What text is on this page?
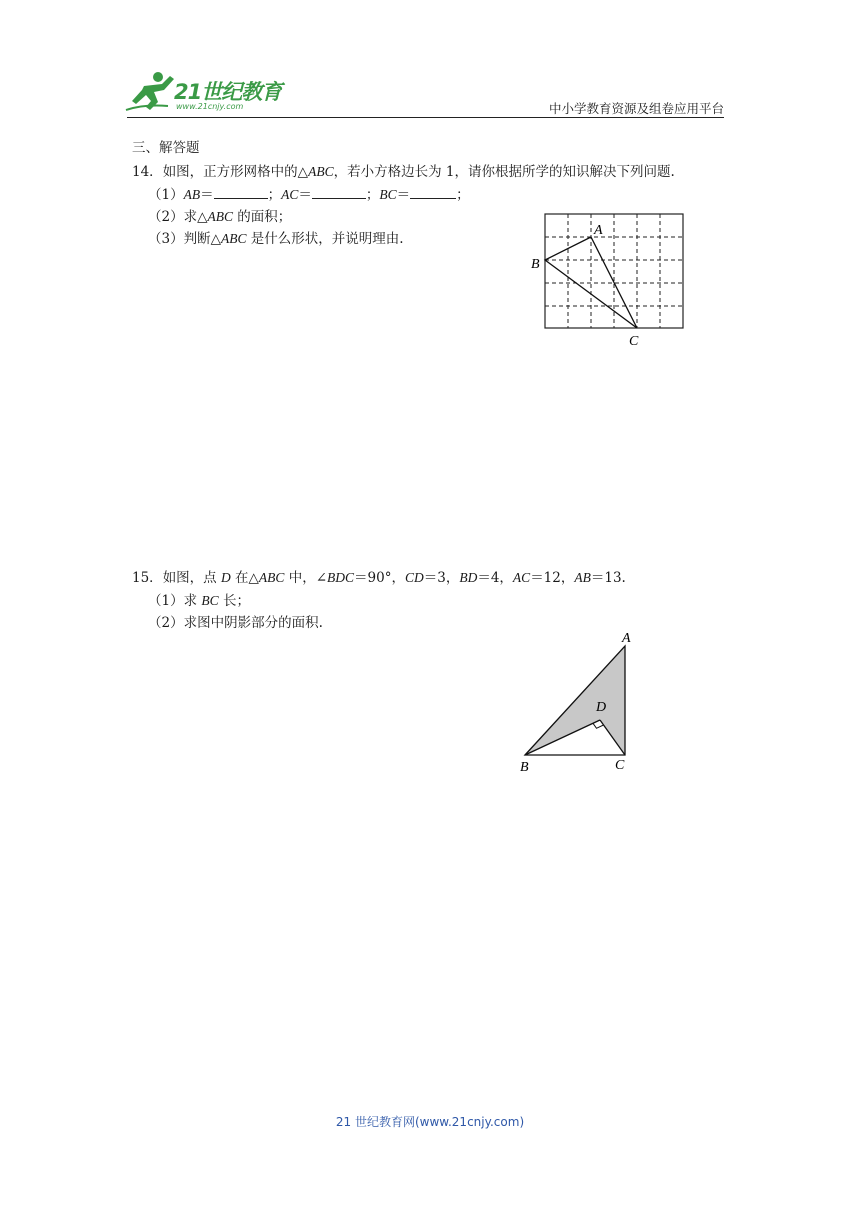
21世纪教育
www.21cnjy.com	中小学教育资源及组卷应用平台
三、解答题
14．如图，正方形网格中的△ABC，若小方格边长为 1，请你根据所学的知识解决下列问题.
（1）AB＝	；AC＝	；BC＝	；
（2）求△ABC 的面积；
（3）判断△ABC 是什么形状，并说明理由.
A
B
C
15．如图，点 D 在△ABC 中，∠BDC＝90°，CD＝3，BD＝4，AC＝12，AB＝13.
（1）求 BC 长；
（2）求图中阴影部分的面积.
A
B	C
D
21 世纪教育网(www.21cnjy.com)
